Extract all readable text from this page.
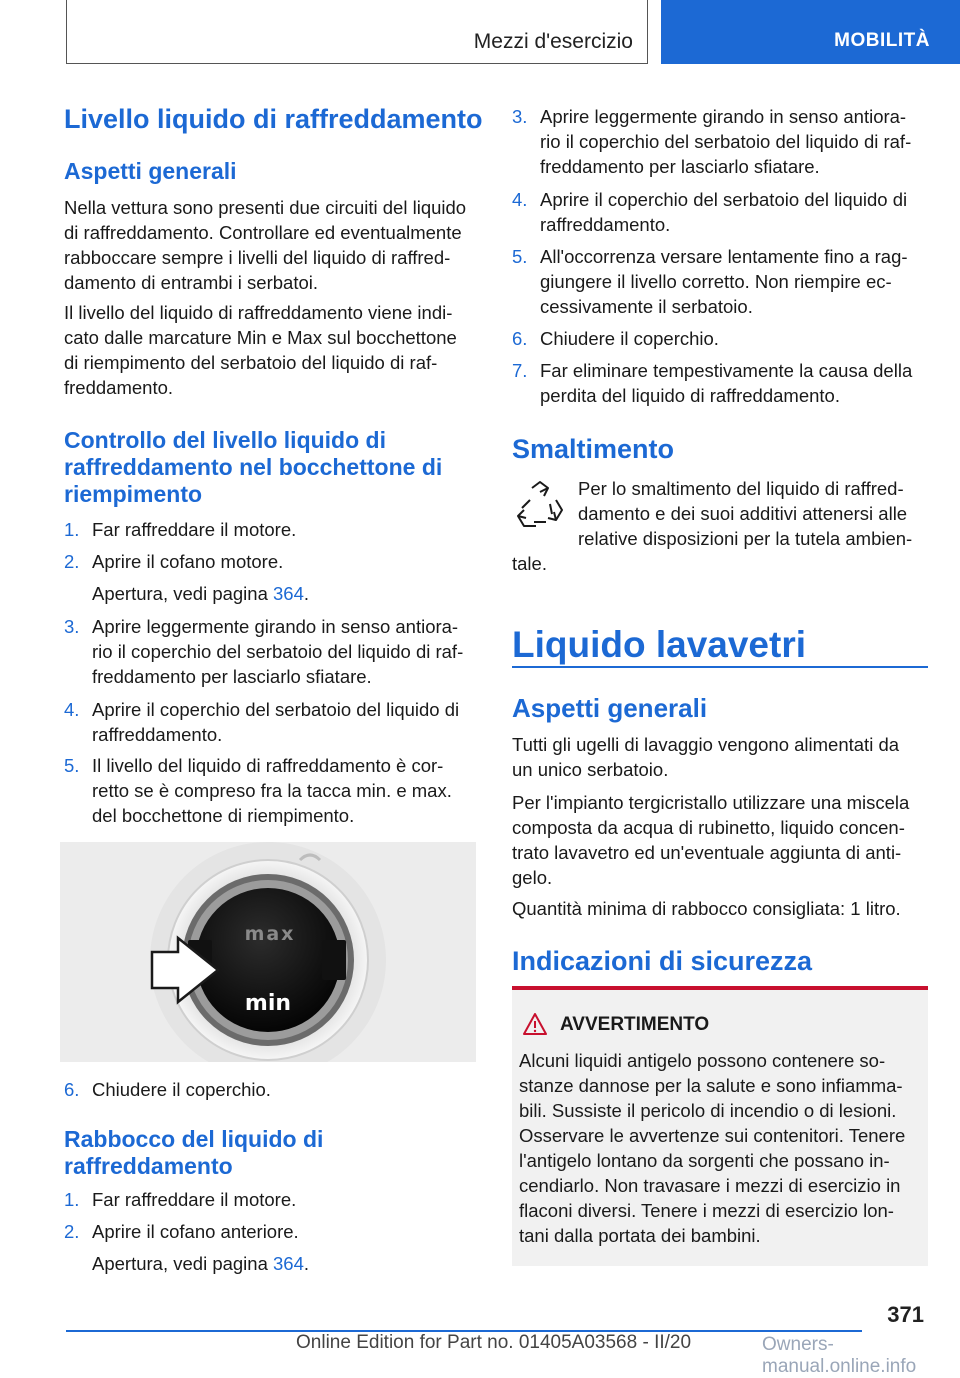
Mezzi d'esercizio	MOBILITÀ
Livello liquido di raffreddamento
Aspetti generali

Nella vettura sono presenti due circuiti del liquido
di raffreddamento. Controllare ed eventualmente
rabboccare sempre i livelli del liquido di raffred-
damento di entrambi i serbatoi.

Il livello del liquido di raffreddamento viene indi-
cato dalle marcature Min e Max sul bocchettone
di riempimento del serbatoio del liquido di raf-
freddamento.

Controllo del livello liquido di
raffreddamento nel bocchettone di
riempimento
1. Far raffreddare il motore.
2. Aprire il cofano motore.
Apertura, vedi pagina 364.
3. Aprire leggermente girando in senso antiora-
rio il coperchio del serbatoio del liquido di raf-
freddamento per lasciarlo sfiatare.
4. Aprire il coperchio del serbatoio del liquido di
raffreddamento.
5. Il livello del liquido di raffreddamento è cor-
retto se è compreso fra la tacca min. e max.
del bocchettone di riempimento.
max
min
6. Chiudere il coperchio.
Rabbocco del liquido di
raffreddamento
1. Far raffreddare il motore.
2. Aprire il cofano anteriore.
Apertura, vedi pagina 364.
3. Aprire leggermente girando in senso antiora-
rio il coperchio del serbatoio del liquido di raf-
freddamento per lasciarlo sfiatare.
4. Aprire il coperchio del serbatoio del liquido di
raffreddamento.
5. All'occorrenza versare lentamente fino a rag-
giungere il livello corretto. Non riempire ec-
cessivamente il serbatoio.
6. Chiudere il coperchio.
7. Far eliminare tempestivamente la causa della
perdita del liquido di raffreddamento.
Smaltimento

Per lo smaltimento del liquido di raffred-
damento e dei suoi additivi attenersi alle
relative disposizioni per la tutela ambien-

tale.

Liquido lavavetri
Aspetti generali

Tutti gli ugelli di lavaggio vengono alimentati da
un unico serbatoio.

Per l'impianto tergicristallo utilizzare una miscela
composta da acqua di rubinetto, liquido concen-
trato lavavetro ed un'eventuale aggiunta di anti-
gelo.

Quantità minima di rabbocco consigliata: 1 litro.

Indicazioni di sicurezza
AVVERTIMENTO

Alcuni liquidi antigelo possono contenere so-
stanze dannose per la salute e sono infiamma-
bili. Sussiste il pericolo di incendio o di lesioni.
Osservare le avvertenze sui contenitori. Tenere
l'antigelo lontano da sorgenti che possano in-
cendiarlo. Non travasare i mezzi di esercizio in
flaconi diversi. Tenere i mezzi di esercizio lon-
tani dalla portata dei bambini.

371
Online Edition for Part no. 01405A03568 - II/20	Owners-manual.online.info
